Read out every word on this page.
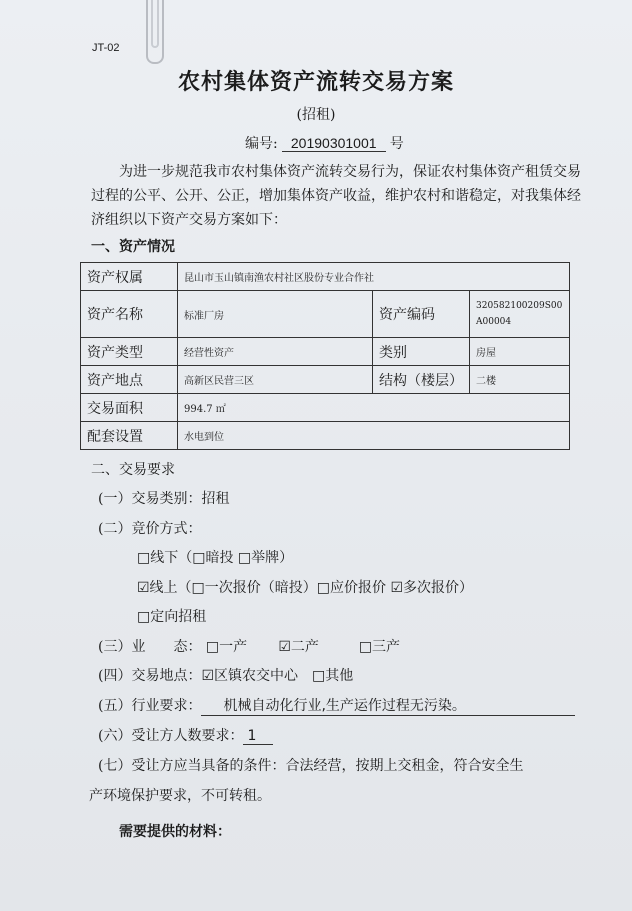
JT-02
农村集体资产流转交易方案
(招租)
编号: 20190301001 号
为进一步规范我市农村集体资产流转交易行为，保证农村集体资产租赁交易过程的公平、公开、公正，增加集体资产收益，维护农村和谐稳定，对我集体经济组织以下资产交易方案如下：
一、资产情况
资产权属	昆山市玉山镇南渔农村社区股份专业合作社		
资产名称	标准厂房	资产编码	32058210020​9S00
A00004

资产类型	经营性资产	类别	房屋
资产地点	高新区民营三区	结构（楼层）	二楼
交易面积	994.7 ㎡		
配套设置	水电到位		
二、交易要求
(一）交易类别：招租
(二）竞价方式：
□线下（□暗投 □举牌）
☑线上（□一次报价（暗投）□应价报价 ☑多次报价）
□定向招租
(三）业　　态： □一产 ☑二产	□三产
(四）交易地点：☑区镇农交中心　□其他
(五）行业要求： 机械自动化行业,生产运作过程无污染。
(六）受让方人数要求： 1
(七）受让方应当具备的条件：合法经营，按期上交租金，符合安全生
产环境保护要求，不可转租。
需要提供的材料：
